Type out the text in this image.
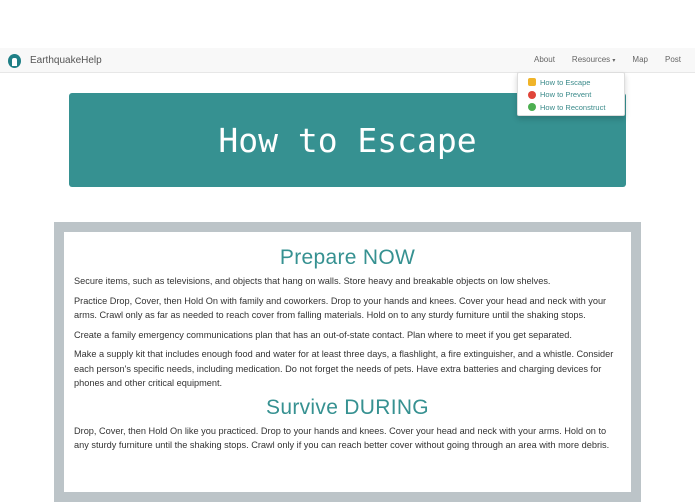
EarthquakeHelp	About Resources ▾ Map Post
How to Escape
How to Prevent
How to Reconstruct
How to Escape
Prepare NOW

Secure items, such as televisions, and objects that hang on walls. Store heavy and breakable objects on low shelves.

Practice Drop, Cover, then Hold On with family and coworkers. Drop to your hands and knees. Cover your head and neck with your arms. Crawl only as far as needed to reach cover from falling materials. Hold on to any sturdy furniture until the shaking stops.

Create a family emergency communications plan that has an out-of-state contact. Plan where to meet if you get separated.

Make a supply kit that includes enough food and water for at least three days, a flashlight, a fire extinguisher, and a whistle. Consider each person's specific needs, including medication. Do not forget the needs of pets. Have extra batteries and charging devices for phones and other critical equipment.

Survive DURING

Drop, Cover, then Hold On like you practiced. Drop to your hands and knees. Cover your head and neck with your arms. Hold on to any sturdy furniture until the shaking stops. Crawl only if you can reach better cover without going through an area with more debris.
